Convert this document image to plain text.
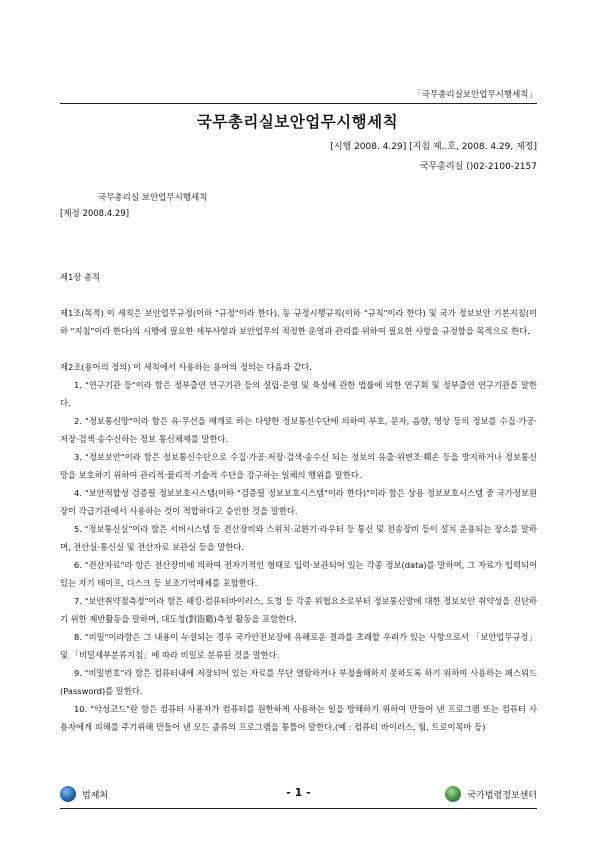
「국무총리실보안업무시행세칙」
국무총리실보안업무시행세칙
[시행 2008. 4.29] [지침 제..호, 2008. 4.29, 제정]
국무총리실 ()02-2100-2157
국무총리실 보안업무시행세칙
[제정 2008.4.29]

제1장 총칙

제1조(목적) 이 세칙은 보안업무규정(이하 "규정"이라 한다), 동 규정시행규칙(이하 "규칙"이라 한다) 및 국가 정보보안 기본지침(이하 "지침"이라 한다)의 시행에 필요한 세부사항과 보안업무의 적정한 운영과 관리를 위하여 필요한 사항을 규정함을 목적으로 한다.

제2조(용어의 정의) 이 세칙에서 사용하는 용어의 정의는 다음과 같다.

1. "연구기관 등"이라 함은 정부출연 연구기관 등의 설립·운영 및 육성에 관한 법률에 의한 연구회 및 정부출연 연구기관을 말한다.
2. "정보통신망"이라 함은 유·무선을 매개로 하는 다양한 정보통신수단에 의하여 부호, 문자, 음향, 영상 등의 정보를 수집·가공·저장·검색·송수신하는 정보 통신체제를 말한다.
3. "정보보안"이라 함은 정보통신수단으로 수집·가공·저장·검색·송수신 되는 정보의 유출·위변조·훼손 등을 방지하거나 정보통신망을 보호하기 위하여 관리적·물리적·기술적 수단을 강구하는 일체의 행위를 말한다.
4. "보안적합성 검증필 정보보호시스템(이하 "검증필 정보보호시스템"이라 한다)"이라 함은 상용 정보보호시스템 중 국가정보원장이 각급기관에서 사용하는 것이 적합하다고 승인한 것을 말한다.
5. "정보통신실"이라 함은 서버시스템 등 전산장비와 스위치·교환기·라우터 등 통신 및 전송장비 등이 설치 운용되는 장소를 말하며, 전산실·통신실 및 전산자료 보관실 등을 말한다.
6. "전산자료"라 함은 전산장비에 의하여 전자기적인 형태로 입력·보관되어 있는 각종 정보(data)를 말하며, 그 자료가 입력되어 있는 자기 테이프, 디스크 등 보조기억매체를 포함한다.
7. "보안취약점측정"이라 함은 해킹·컴퓨터바이러스, 도청 등 각종 위협요소로부터 정보통신망에 대한 정보보안 취약성을 진단하기 위한 제반활동을 말하며, 대도청(對盜聽)측정 활동을 포함한다.
8. "비밀"이라함은 그 내용이 누설되는 경우 국가안전보장에 유해로운 결과를 초래할 우려가 있는 사항으로서 「보안업무규정」 및 「비밀세부분류지침」에 따라 비밀로 분류된 것을 말한다.
9. "비밀번호"라 함은 컴퓨터내에 저장되어 있는 자료를 무단 열람하거나 부정솔해하지 못하도록 하기 위하여 사용하는 패스워드(Password)를 말한다.
10. "악성코드"란 함은 컴퓨터 사용자가 컴퓨터를 원한하게 사용하는 일을 방해하기 위하여 만들어 낸 프로그램 또는 컴퓨터 사용자에게 피해를 주기위해 만들어 낸 모든 종류의 프로그램을 통틀어 말한다.(예 : 컴퓨터 바이러스, 웜, 트로이목마 등)
법제처	- 1 -	국가법령정보센터
